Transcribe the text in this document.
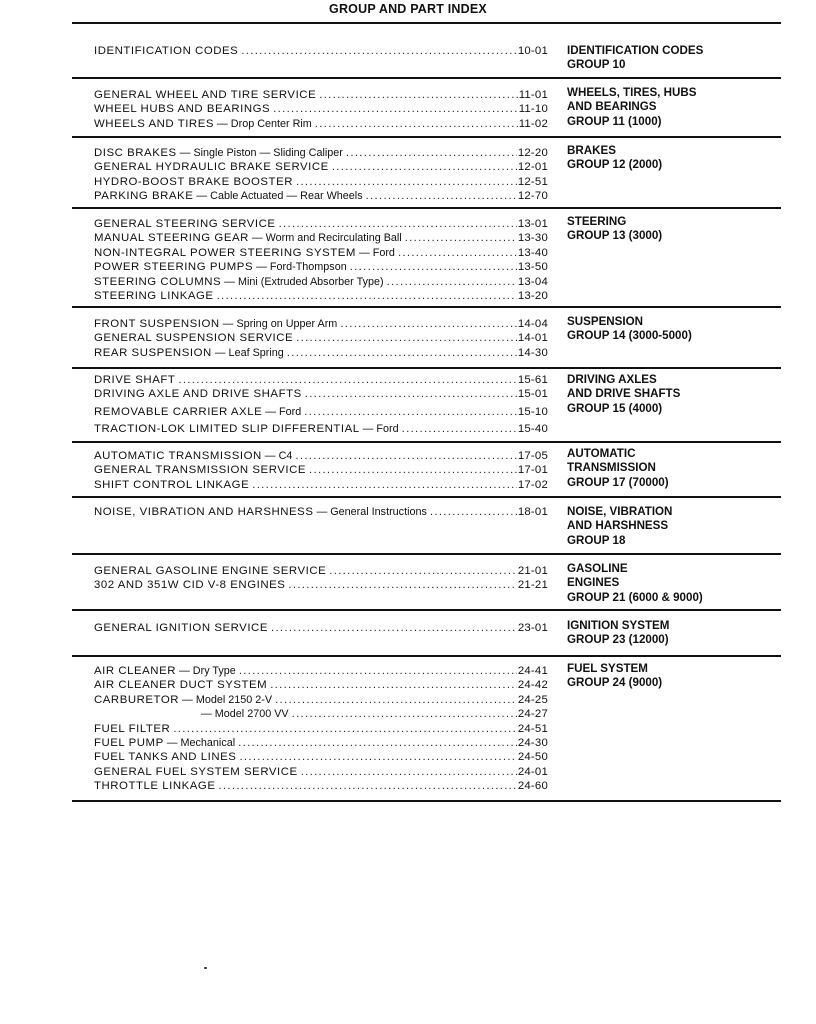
GROUP AND PART INDEX
IDENTIFICATION CODES .....	10-01 IDENTIFICATION CODES
GROUP 10
GENERAL WHEEL AND TIRE SERVICE .....	11-01
WHEEL HUBS AND BEARINGS .....	11-10
WHEELS AND TIRES — Drop Center Rim .....	11-02
WHEELS, TIRES, HUBS
AND BEARINGS
GROUP 11 (1000)
DISC BRAKES — Single Piston — Sliding Caliper .....	12-20
GENERAL HYDRAULIC BRAKE SERVICE .....	12-01
HYDRO-BOOST BRAKE BOOSTER .....	12-51
PARKING BRAKE — Cable Actuated — Rear Wheels .....	12-70
BRAKES
GROUP 12 (2000)
GENERAL STEERING SERVICE .....	13-01
MANUAL STEERING GEAR — Worm and Recirculating Ball .....	13-30
NON-INTEGRAL POWER STEERING SYSTEM — Ford .....	13-40
POWER STEERING PUMPS — Ford-Thompson .....	13-50
STEERING COLUMNS — Mini (Extruded Absorber Type) .....	13-04
STEERING LINKAGE .....	13-20
STEERING
GROUP 13 (3000)
FRONT SUSPENSION — Spring on Upper Arm .....	14-04
GENERAL SUSPENSION SERVICE .....	14-01
REAR SUSPENSION — Leaf Spring .....	14-30
SUSPENSION
GROUP 14 (3000-5000)
DRIVE SHAFT .....	15-61
DRIVING AXLE AND DRIVE SHAFTS .....	15-01
REMOVABLE CARRIER AXLE — Ford .....	15-10
TRACTION-LOK LIMITED SLIP DIFFERENTIAL — Ford .....	15-40
DRIVING AXLES
AND DRIVE SHAFTS
GROUP 15 (4000)
AUTOMATIC TRANSMISSION — C4 .....	17-05
GENERAL TRANSMISSION SERVICE .....	17-01
SHIFT CONTROL LINKAGE .....	17-02
AUTOMATIC
TRANSMISSION
GROUP 17 (70000)
NOISE, VIBRATION AND HARSHNESS — General Instructions .....	18-01 NOISE, VIBRATION
AND HARSHNESS
GROUP 18
GENERAL GASOLINE ENGINE SERVICE .....	21-01
302 AND 351W CID V-8 ENGINES .....	21-21
GASOLINE
ENGINES
GROUP 21 (6000 & 9000)
GENERAL IGNITION SERVICE .....	23-01 IGNITION SYSTEM
GROUP 23 (12000)
AIR CLEANER — Dry Type .....	24-41
AIR CLEANER DUCT SYSTEM .....	24-42
CARBURETOR — Model 2150 2-V .....	24-25
— Model 2700 VV .....	24-27
FUEL FILTER .....	24-51
FUEL PUMP — Mechanical .....	24-30
FUEL TANKS AND LINES .....	24-50
GENERAL FUEL SYSTEM SERVICE .....	24-01
THROTTLE LINKAGE .....	24-60
FUEL SYSTEM
GROUP 24 (9000)
